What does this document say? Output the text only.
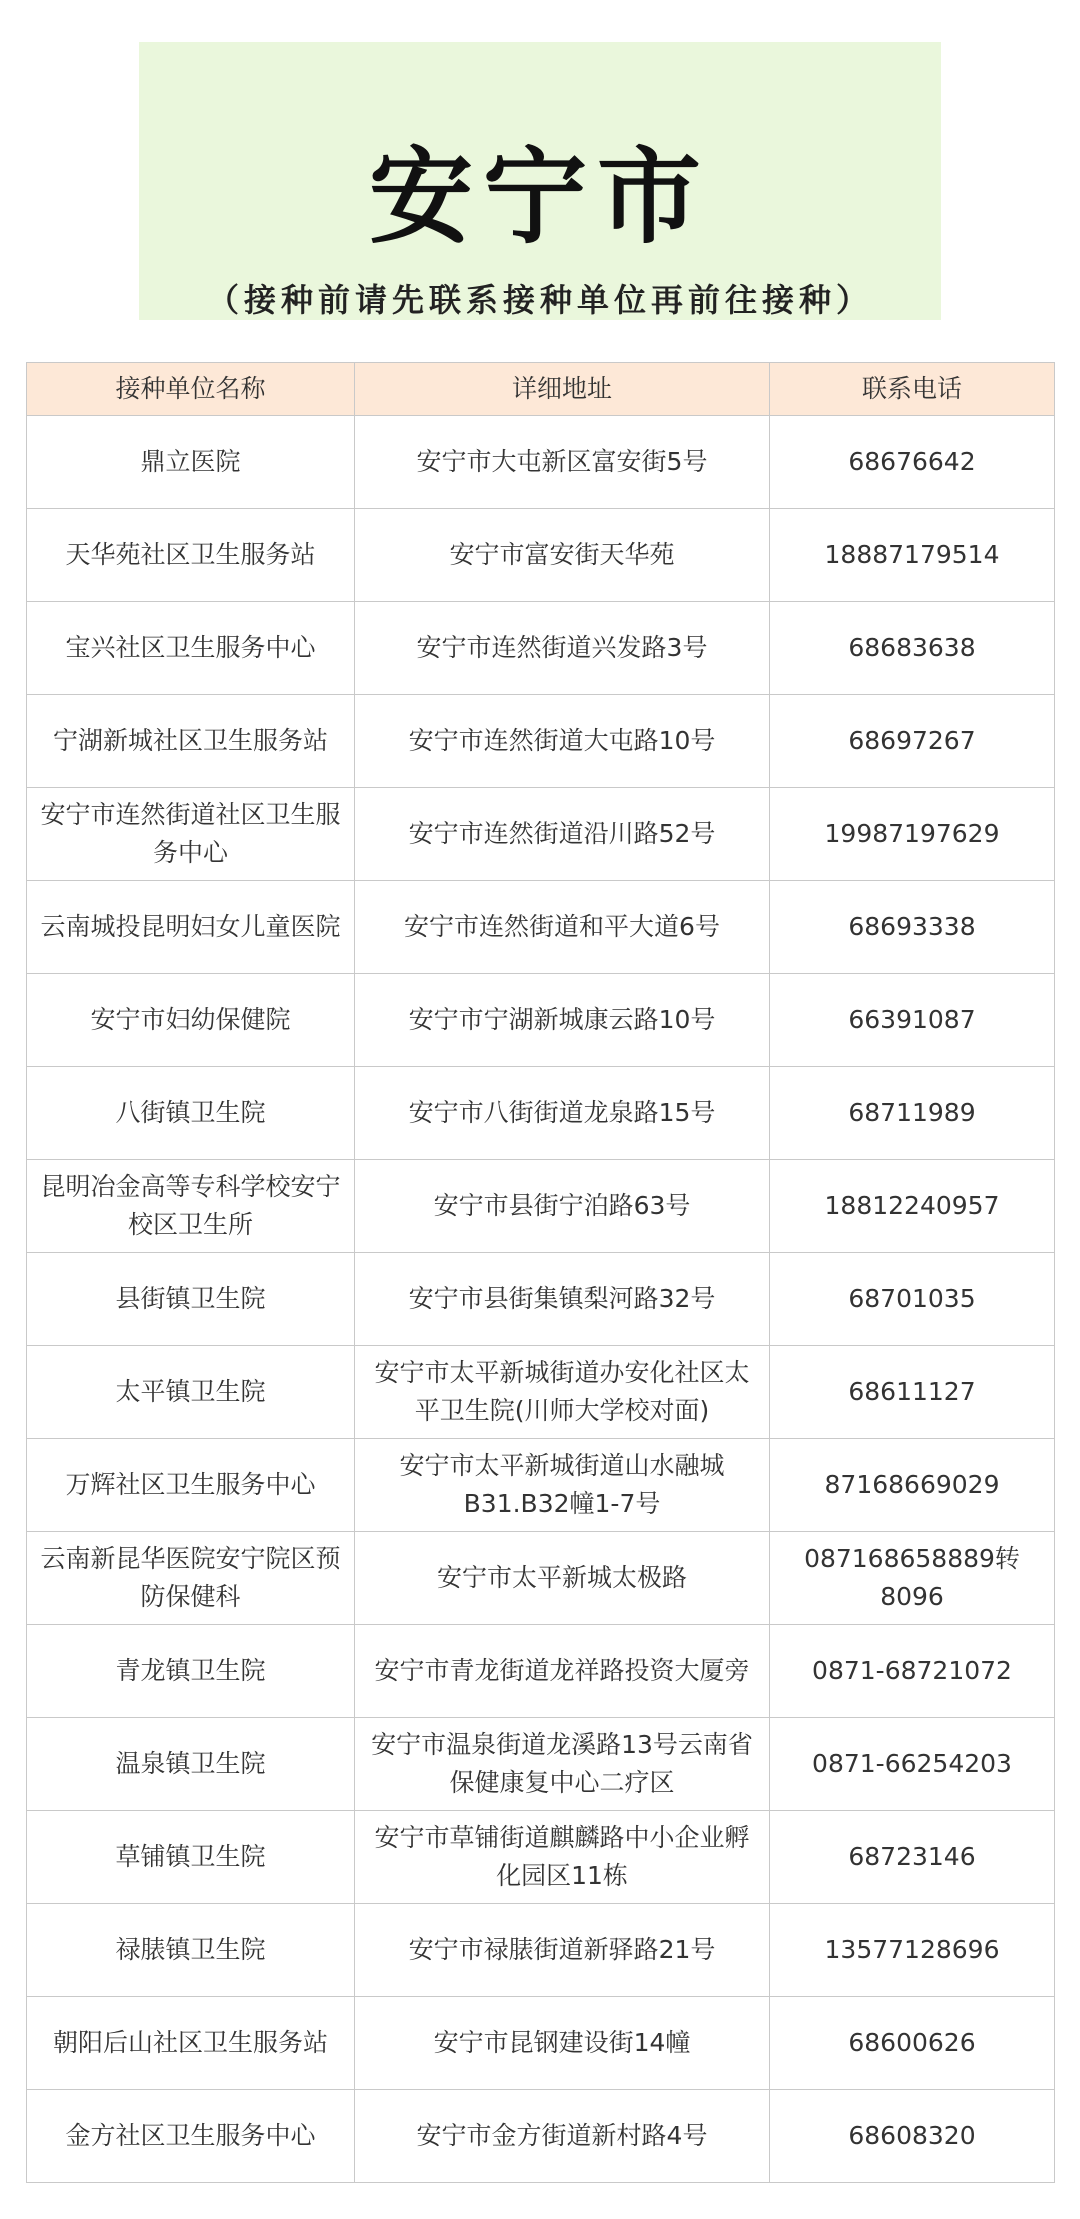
安宁市
（接种前请先联系接种单位再前往接种）
接种单位名称	详细地址	联系电话
鼎立医院	安宁市大屯新区富安街5号	68676642
天华苑社区卫生服务站	安宁市富安街天华苑	18887179514
宝兴社区卫生服务中心	安宁市连然街道兴发路3号	68683638
宁湖新城社区卫生服务站	安宁市连然街道大屯路10号	68697267
安宁市连然街道社区卫生服务中心	安宁市连然街道沿川路52号	19987197629
云南城投昆明妇女儿童医院	安宁市连然街道和平大道6号	68693338
安宁市妇幼保健院	安宁市宁湖新城康云路10号	66391087
八街镇卫生院	安宁市八街街道龙泉路15号	68711989
昆明冶金高等专科学校安宁校区卫生所	安宁市县街宁泊路63号	18812240957
县街镇卫生院	安宁市县街集镇梨河路32号	68701035
太平镇卫生院	安宁市太平新城街道办安化社区太平卫生院(川师大学校对面)	68611127
万辉社区卫生服务中心	安宁市太平新城街道山水融城B31.B32幢1-7号	87168669029
云南新昆华医院安宁院区预防保健科	安宁市太平新城太极路	087168658889转8096
青龙镇卫生院	安宁市青龙街道龙祥路投资大厦旁	0871-68721072
温泉镇卫生院	安宁市温泉街道龙溪路13号云南省保健康复中心二疗区	0871-66254203
草铺镇卫生院	安宁市草铺街道麒麟路中小企业孵化园区11栋	68723146
禄脿镇卫生院	安宁市禄脿街道新驿路21号	13577128696
朝阳后山社区卫生服务站	安宁市昆钢建设街14幢	68600626
金方社区卫生服务中心	安宁市金方街道新村路4号	68608320
